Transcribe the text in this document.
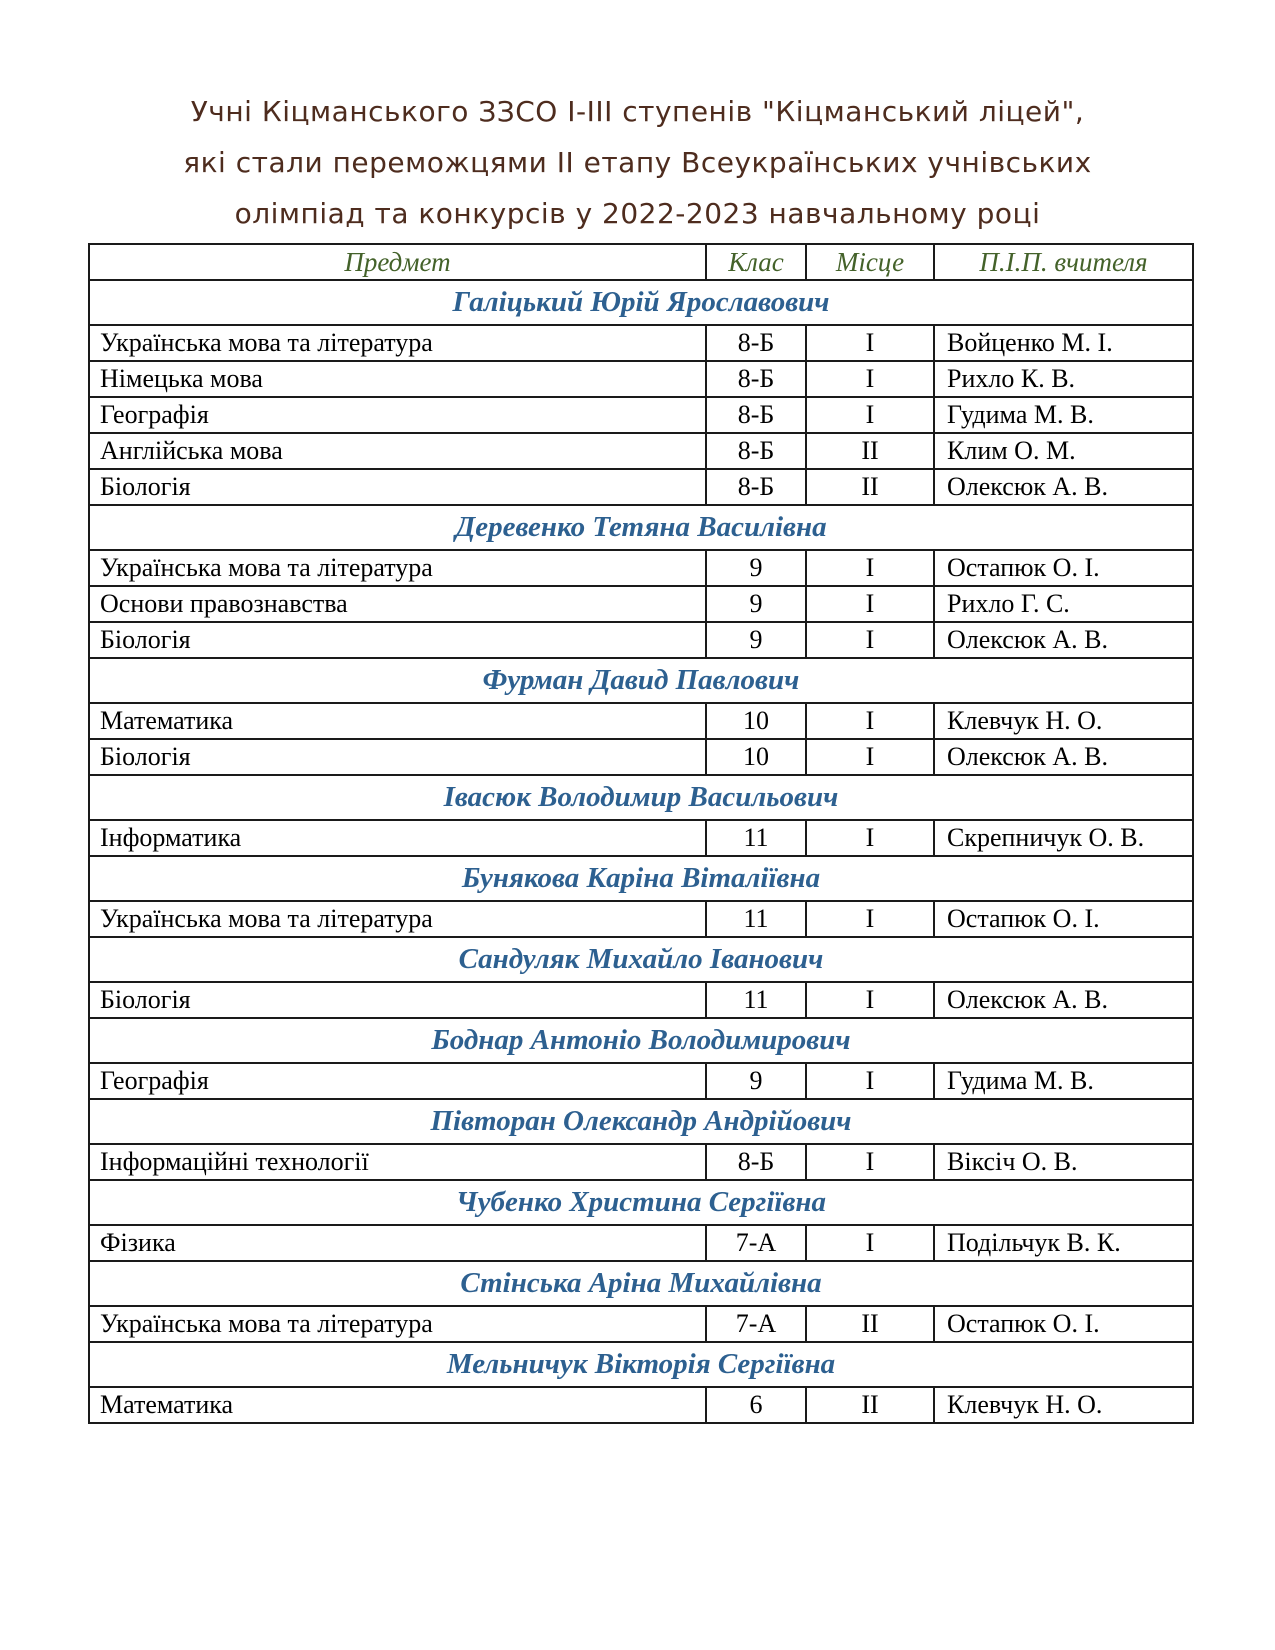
Учні Кіцманського ЗЗСО I-III ступенів "Кіцманський ліцей",
які стали переможцями II етапу Всеукраїнських учнівських
олімпіад та конкурсів у 2022-2023 навчальному році
Предмет	Клас	Місце	П.І.П. вчителя
Галіцький Юрій Ярославович			
Українська мова та література	8-Б	I	Войценко М. І.
Німецька мова	8-Б	I	Рихло К. В.
Географія	8-Б	I	Гудима М. В.
Англійська мова	8-Б	II	Клим О. М.
Біологія	8-Б	II	Олексюк А. В.
Деревенко Тетяна Василівна			
Українська мова та література	9	I	Остапюк О. І.
Основи правознавства	9	I	Рихло Г. С.
Біологія	9	I	Олексюк А. В.
Фурман Давид Павлович			
Математика	10	I	Клевчук Н. О.
Біологія	10	I	Олексюк А. В.
Івасюк Володимир Васильович			
Інформатика	11	I	Скрепничук О. В.
Бунякова Каріна Віталіївна			
Українська мова та література	11	I	Остапюк О. І.
Сандуляк Михайло Іванович			
Біологія	11	I	Олексюк А. В.
Боднар Антоніо Володимирович			
Географія	9	I	Гудима М. В.
Півторан Олександр Андрійович			
Інформаційні технології	8-Б	I	Віксіч О. В.
Чубенко Христина Сергіївна			
Фізика	7-А	I	Подільчук В. К.
Стінська Аріна Михайлівна			
Українська мова та література	7-А	II	Остапюк О. І.
Мельничук Вікторія Сергіївна			
Математика	6	II	Клевчук Н. О.
